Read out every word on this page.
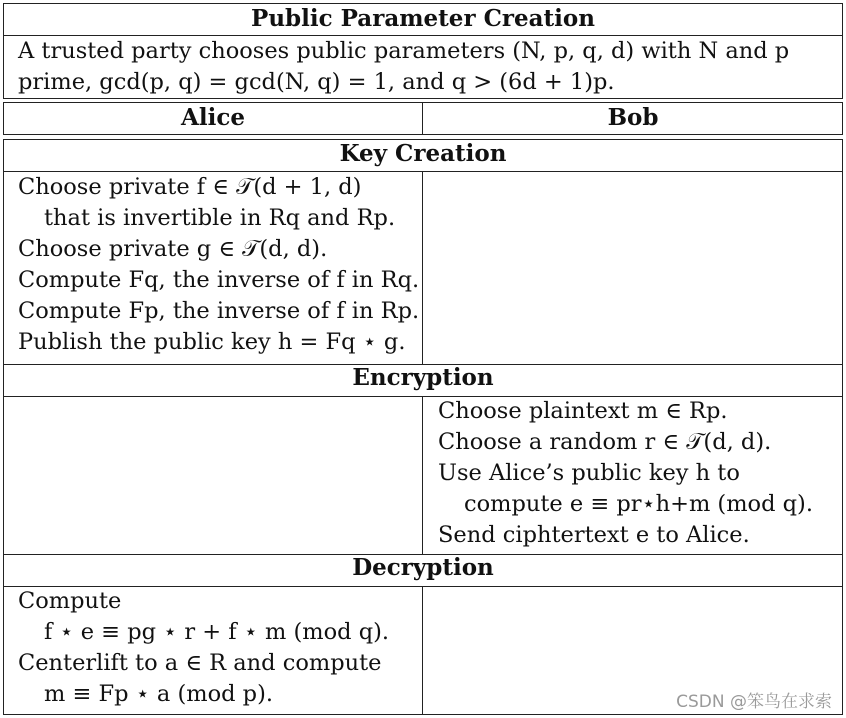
Public Parameter Creation
A trusted party chooses public parameters (N, p, q, d) with N and p
prime, gcd(p, q) = gcd(N, q) = 1, and q > (6d + 1)p.
Alice	Bob
Key Creation
Choose private f ∈ 𝒯(d + 1, d)
that is invertible in Rq and Rp.
Choose private g ∈ 𝒯(d, d).
Compute Fq, the inverse of f in Rq.
Compute Fp, the inverse of f in Rp.
Publish the public key h = Fq ⋆ g.
Encryption
Choose plaintext m ∈ Rp.
Choose a random r ∈ 𝒯(d, d).
Use Alice’s public key h to
compute e ≡ pr⋆h+m (mod q).
Send ciphtertext e to Alice.
Decryption
Compute
f ⋆ e ≡ pg ⋆ r + f ⋆ m (mod q).
Centerlift to a ∈ R and compute
m ≡ Fp ⋆ a (mod p).	CSDN @笨鸟在求索
